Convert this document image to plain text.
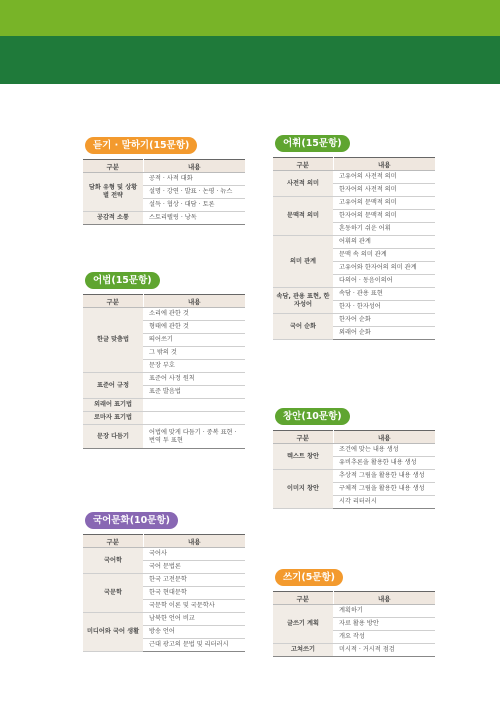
듣기 · 말하기(15문항)
구분	내용
담화 유형 및 상황별 전략	공적 · 사적 대화
	설명 · 강연 · 발표 · 논평 · 뉴스
	설득 · 협상 · 대담 · 토론
공감적 소통	스토리텔링 · 낭독
어법(15문항)
구분	내용
한글 맞춤법	소리에 관한 것
	형태에 관한 것
	띄어쓰기
	그 밖의 것
	문장 부호
표준어 규정	표준어 사정 원칙
	표준 발음법
외래어 표기법	
로마자 표기법	
문장 다듬기	어법에 맞게 다듬기 · 중복 표현 · 번역 투 표현
국어문화(10문항)
구분	내용
국어학	국어사
	국어 문법론
국문학	한국 고전문학
	한국 현대문학
	국문학 이론 및 국문학사
미디어와 국어 생활	남북한 언어 비교
	방송 언어
	근대 광고의 문법 및 리터러시
어휘(15문항)
구분	내용
사전적 의미	고유어의 사전적 의미
	한자어의 사전적 의미
문맥적 의미	고유어의 문맥적 의미
	한자어의 문맥적 의미
	혼동하기 쉬운 어휘
의미 관계	어휘의 관계
	문맥 속 의미 관계
	고유어와 한자어의 의미 관계
	다의어 · 동음이의어
속담, 관용 표현, 한자성어	속담 · 관용 표현
	한자 · 한자성어
국어 순화	한자어 순화
	외래어 순화
창안(10문항)
구분	내용
텍스트 창안	조건에 맞는 내용 생성
	유비추론을 활용한 내용 생성
이미지 창안	추상적 그림을 활용한 내용 생성
	구체적 그림을 활용한 내용 생성
	시각 리터러시
쓰기(5문항)
구분	내용
글쓰기 계획	계획하기
	자료 활용 방안
	개요 작성
고쳐쓰기	미시적 · 거시적 점검
